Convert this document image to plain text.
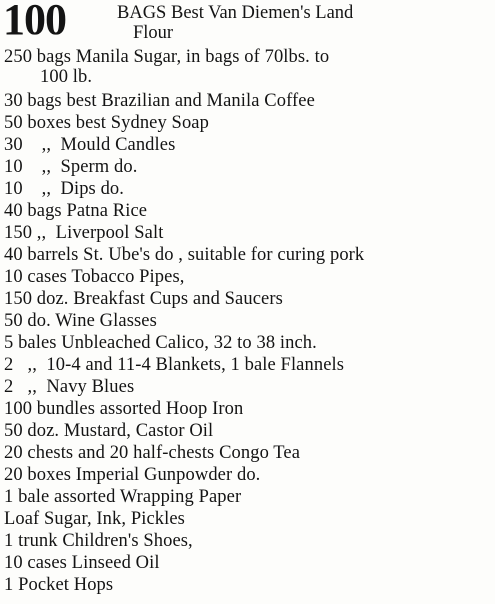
100	BAGS Best Van Diemen's Land
Flour
250 bags Manila Sugar, in bags of 70lbs. to
100 lb.
30 bags best Brazilian and Manila Coffee
50 boxes best Sydney Soap
30    ,,  Mould Candles
10    ,,  Sperm do.
10    ,,  Dips do.
40 bags Patna Rice
150 ,,  Liverpool Salt
40 barrels St. Ube's do , suitable for curing pork
10 cases Tobacco Pipes,
150 doz. Breakfast Cups and Saucers
50 do. Wine Glasses
5 bales Unbleached Calico, 32 to 38 inch.
2   ,,  10-4 and 11-4 Blankets, 1 bale Flannels
2   ,,  Navy Blues
100 bundles assorted Hoop Iron
50 doz. Mustard, Castor Oil
20 chests and 20 half-chests Congo Tea
20 boxes Imperial Gunpowder do.
1 bale assorted Wrapping Paper
Loaf Sugar, Ink, Pickles
1 trunk Children's Shoes,
10 cases Linseed Oil
1 Pocket Hops
